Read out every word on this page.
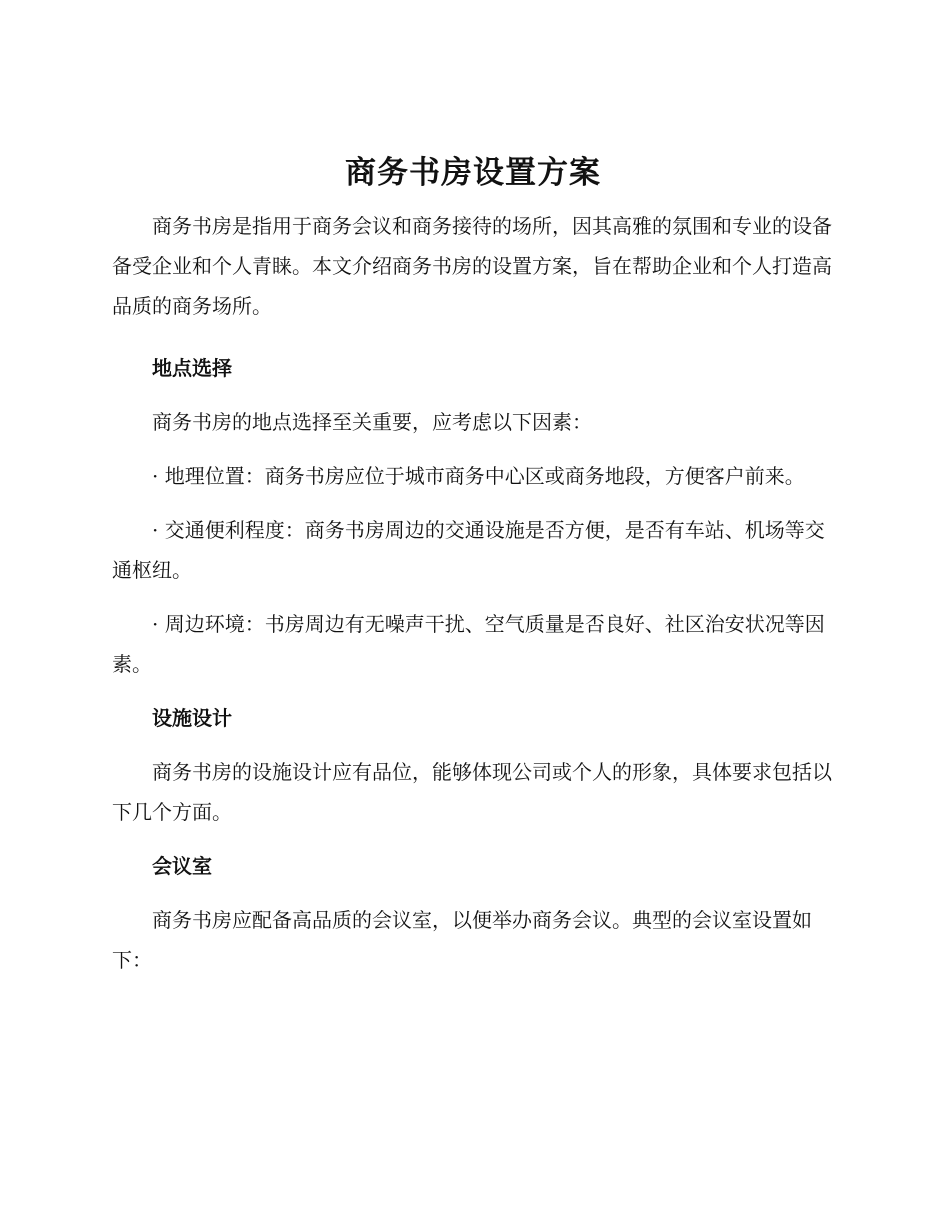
商务书房设置方案

商务书房是指用于商务会议和商务接待的场所，因其高雅的氛围和专业的设备备受企业和个人青睐。本文介绍商务书房的设置方案，旨在帮助企业和个人打造高品质的商务场所。

地点选择

商务书房的地点选择至关重要，应考虑以下因素：

· 地理位置：商务书房应位于城市商务中心区或商务地段，方便客户前来。

· 交通便利程度：商务书房周边的交通设施是否方便，是否有车站、机场等交通枢纽。

· 周边环境：书房周边有无噪声干扰、空气质量是否良好、社区治安状况等因素。

设施设计

商务书房的设施设计应有品位，能够体现公司或个人的形象，具体要求包括以下几个方面。

会议室

商务书房应配备高品质的会议室，以便举办商务会议。典型的会议室设置如下：
